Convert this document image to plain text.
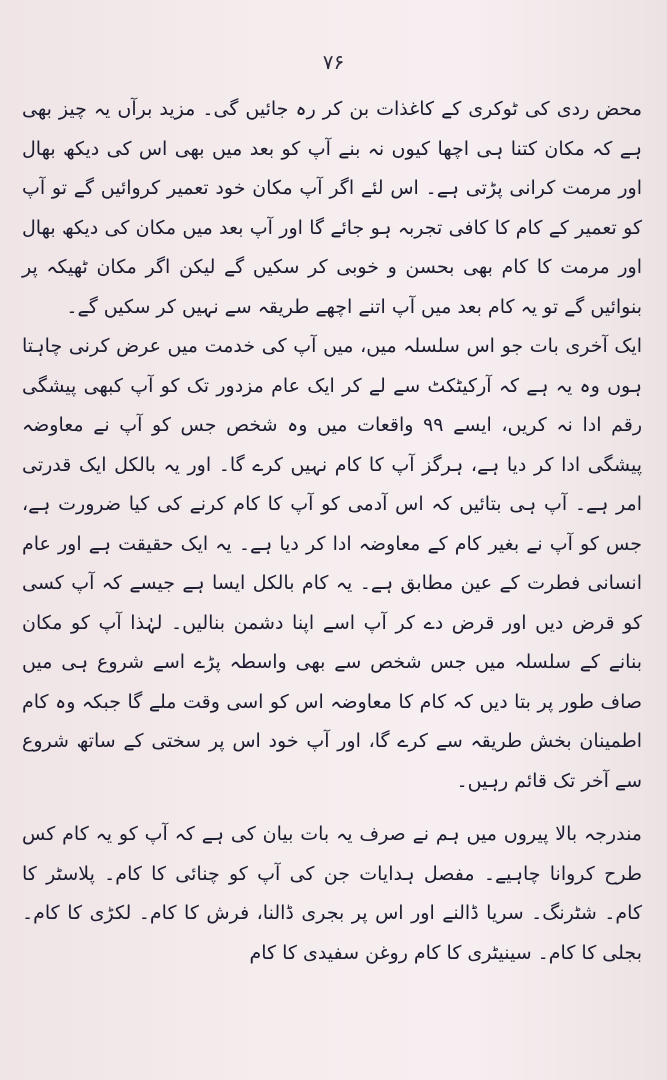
۷۶

محض ردی کی ٹوکری کے کاغذات بن کر رہ جائیں گی۔ مزید برآں یہ چیز بھی ہے کہ مکان کتنا ہی اچھا کیوں نہ بنے آپ کو بعد میں بھی اس کی دیکھ بھال اور مرمت کرانی پڑتی ہے۔ اس لئے اگر آپ مکان خود تعمیر کروائیں گے تو آپ کو تعمیر کے کام کا کافی تجربہ ہو جائے گا اور آپ بعد میں مکان کی دیکھ بھال اور مرمت کا کام بھی بحسن و خوبی کر سکیں گے لیکن اگر مکان ٹھیکہ پر بنوائیں گے تو یہ کام بعد میں آپ اتنے اچھے طریقہ سے نہیں کر سکیں گے۔

ایک آخری بات جو اس سلسلہ میں، میں آپ کی خدمت میں عرض کرنی چاہتا ہوں وہ یہ ہے کہ آرکیٹکٹ سے لے کر ایک عام مزدور تک کو آپ کبھی پیشگی رقم ادا نہ کریں، ایسے ۹۹ واقعات میں وہ شخص جس کو آپ نے معاوضہ پیشگی ادا کر دیا ہے، ہرگز آپ کا کام نہیں کرے گا۔ اور یہ بالکل ایک قدرتی امر ہے۔ آپ ہی بتائیں کہ اس آدمی کو آپ کا کام کرنے کی کیا ضرورت ہے، جس کو آپ نے بغیر کام کے معاوضہ ادا کر دیا ہے۔ یہ ایک حقیقت ہے اور عام انسانی فطرت کے عین مطابق ہے۔ یہ کام بالکل ایسا ہے جیسے کہ آپ کسی کو قرض دیں اور قرض دے کر آپ اسے اپنا دشمن بنالیں۔ لہٰذا آپ کو مکان بنانے کے سلسلہ میں جس شخص سے بھی واسطہ پڑے اسے شروع ہی میں صاف طور پر بتا دیں کہ کام کا معاوضہ اس کو اسی وقت ملے گا جبکہ وہ کام اطمینان بخش طریقہ سے کرے گا، اور آپ خود اس پر سختی کے ساتھ شروع سے آخر تک قائم رہیں۔

مندرجہ بالا پیروں میں ہم نے صرف یہ بات بیان کی ہے کہ آپ کو یہ کام کس طرح کروانا چاہیے۔ مفصل ہدایات جن کی آپ کو چنائی کا کام۔ پلاسٹر کا کام۔ شٹرنگ۔ سریا ڈالنے اور اس پر بجری ڈالنا، فرش کا کام۔ لکڑی کا کام۔ بجلی کا کام۔ سینیٹری کا کام روغن سفیدی کا کام
